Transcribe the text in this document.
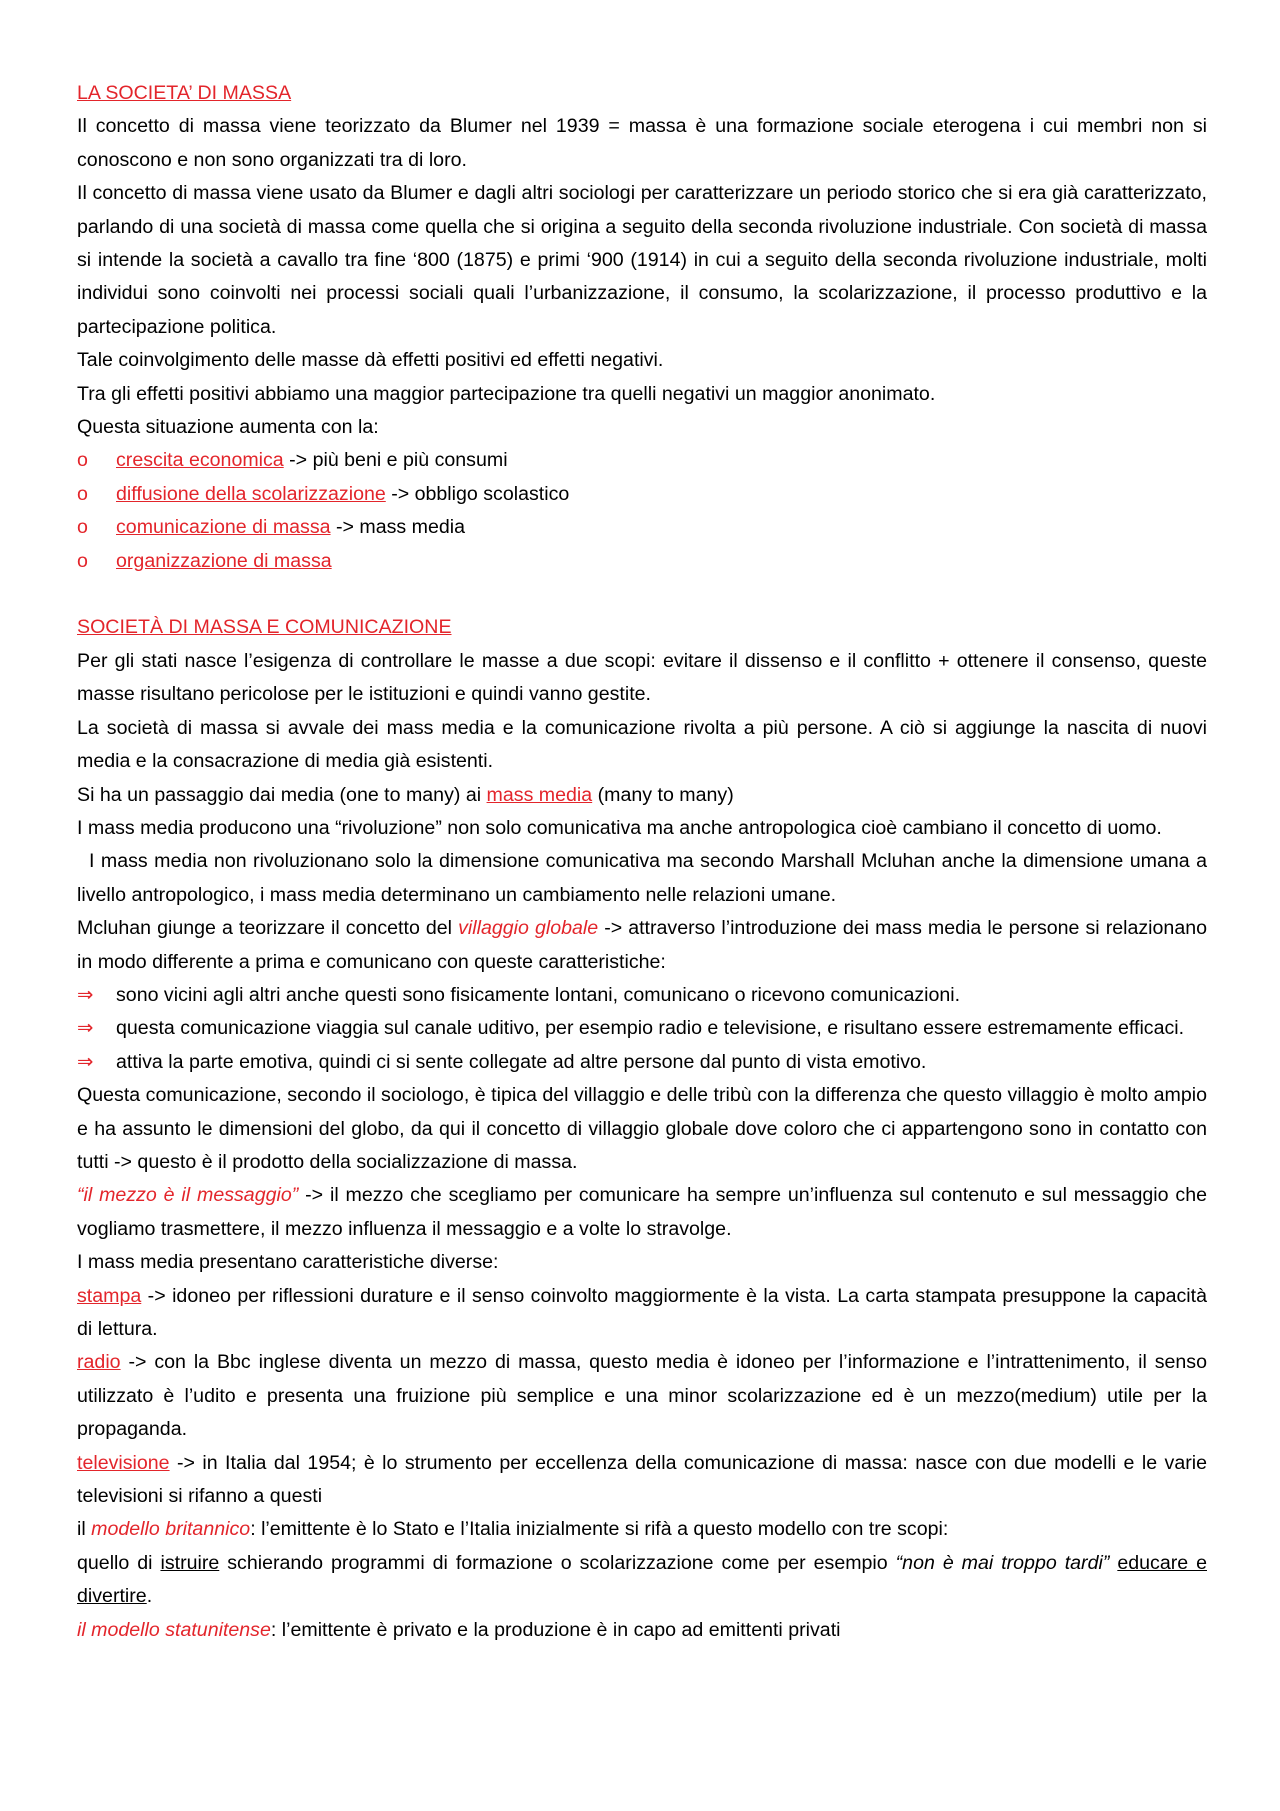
LA SOCIETA’ DI MASSA

Il concetto di massa viene teorizzato da Blumer nel 1939 = massa è una formazione sociale eterogena i cui membri non si conoscono e non sono organizzati tra di loro.

Il concetto di massa viene usato da Blumer e dagli altri sociologi per caratterizzare un periodo storico che si era già caratterizzato, parlando di una società di massa come quella che si origina a seguito della seconda rivoluzione industriale. Con società di massa si intende la società a cavallo tra fine ‘800 (1875) e primi ‘900 (1914) in cui a seguito della seconda rivoluzione industriale, molti individui sono coinvolti nei processi sociali quali l’urbanizzazione, il consumo, la scolarizzazione, il processo produttivo e la partecipazione politica.

Tale coinvolgimento delle masse dà effetti positivi ed effetti negativi.

Tra gli effetti positivi abbiamo una maggior partecipazione tra quelli negativi un maggior anonimato.

Questa situazione aumenta con la:

o	crescita economica -> più beni e più consumi
o	diffusione della scolarizzazione -> obbligo scolastico
o	comunicazione di massa -> mass media
o	organizzazione di massa

SOCIETÀ DI MASSA E COMUNICAZIONE

Per gli stati nasce l’esigenza di controllare le masse a due scopi: evitare il dissenso e il conflitto + ottenere il consenso, queste masse risultano pericolose per le istituzioni e quindi vanno gestite.

La società di massa si avvale dei mass media e la comunicazione rivolta a più persone. A ciò si aggiunge la nascita di nuovi media e la consacrazione di media già esistenti.

Si ha un passaggio dai media (one to many) ai mass media (many to many)

I mass media producono una “rivoluzione” non solo comunicativa ma anche antropologica cioè cambiano il concetto di uomo.

I mass media non rivoluzionano solo la dimensione comunicativa ma secondo Marshall Mcluhan anche la dimensione umana a livello antropologico, i mass media determinano un cambiamento nelle relazioni umane.

Mcluhan giunge a teorizzare il concetto del villaggio globale -> attraverso l’introduzione dei mass media le persone si relazionano in modo differente a prima e comunicano con queste caratteristiche:

⇒	sono vicini agli altri anche questi sono fisicamente lontani, comunicano o ricevono comunicazioni.
⇒	questa comunicazione viaggia sul canale uditivo, per esempio radio e televisione, e risultano essere estremamente efficaci.
⇒	attiva la parte emotiva, quindi ci si sente collegate ad altre persone dal punto di vista emotivo.

Questa comunicazione, secondo il sociologo, è tipica del villaggio e delle tribù con la differenza che questo villaggio è molto ampio e ha assunto le dimensioni del globo, da qui il concetto di villaggio globale dove coloro che ci appartengono sono in contatto con tutti -> questo è il prodotto della socializzazione di massa.

“il mezzo è il messaggio” -> il mezzo che scegliamo per comunicare ha sempre un’influenza sul contenuto e sul messaggio che vogliamo trasmettere, il mezzo influenza il messaggio e a volte lo stravolge.

I mass media presentano caratteristiche diverse:

stampa -> idoneo per riflessioni durature e il senso coinvolto maggiormente è la vista. La carta stampata presuppone la capacità di lettura.

radio -> con la Bbc inglese diventa un mezzo di massa, questo media è idoneo per l’informazione e l’intrattenimento, il senso utilizzato è l’udito e presenta una fruizione più semplice e una minor scolarizzazione ed è un mezzo(medium) utile per la propaganda.

televisione -> in Italia dal 1954; è lo strumento per eccellenza della comunicazione di massa: nasce con due modelli e le varie televisioni si rifanno a questi

il modello britannico: l’emittente è lo Stato e l’Italia inizialmente si rifà a questo modello con tre scopi:

quello di istruire schierando programmi di formazione o scolarizzazione come per esempio “non è mai troppo tardi” educare e divertire.

il modello statunitense: l’emittente è privato e la produzione è in capo ad emittenti privati
